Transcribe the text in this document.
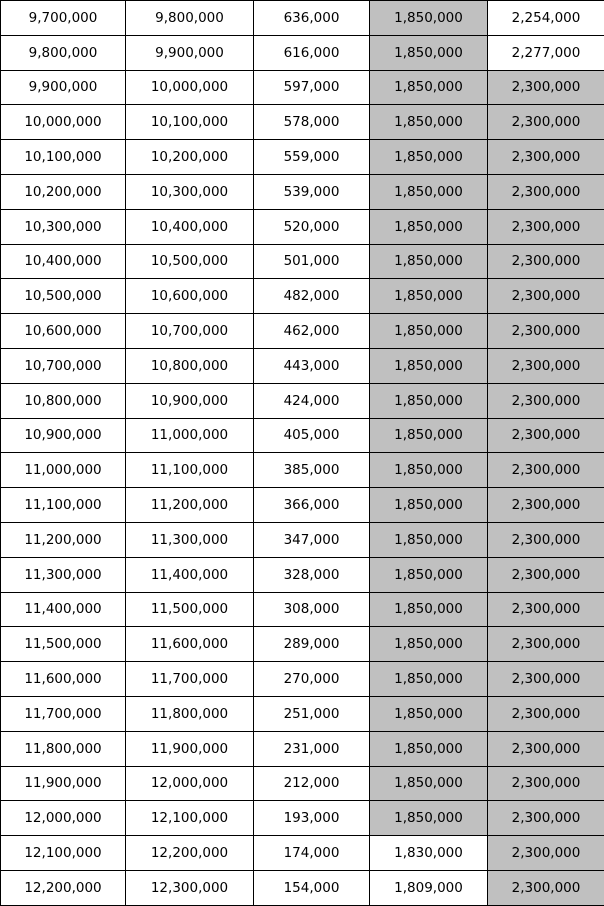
9,700,000	9,800,000	636,000	1,850,000	2,254,000
9,800,000	9,900,000	616,000	1,850,000	2,277,000
9,900,000	10,000,000	597,000	1,850,000	2,300,000
10,000,000	10,100,000	578,000	1,850,000	2,300,000
10,100,000	10,200,000	559,000	1,850,000	2,300,000
10,200,000	10,300,000	539,000	1,850,000	2,300,000
10,300,000	10,400,000	520,000	1,850,000	2,300,000
10,400,000	10,500,000	501,000	1,850,000	2,300,000
10,500,000	10,600,000	482,000	1,850,000	2,300,000
10,600,000	10,700,000	462,000	1,850,000	2,300,000
10,700,000	10,800,000	443,000	1,850,000	2,300,000
10,800,000	10,900,000	424,000	1,850,000	2,300,000
10,900,000	11,000,000	405,000	1,850,000	2,300,000
11,000,000	11,100,000	385,000	1,850,000	2,300,000
11,100,000	11,200,000	366,000	1,850,000	2,300,000
11,200,000	11,300,000	347,000	1,850,000	2,300,000
11,300,000	11,400,000	328,000	1,850,000	2,300,000
11,400,000	11,500,000	308,000	1,850,000	2,300,000
11,500,000	11,600,000	289,000	1,850,000	2,300,000
11,600,000	11,700,000	270,000	1,850,000	2,300,000
11,700,000	11,800,000	251,000	1,850,000	2,300,000
11,800,000	11,900,000	231,000	1,850,000	2,300,000
11,900,000	12,000,000	212,000	1,850,000	2,300,000
12,000,000	12,100,000	193,000	1,850,000	2,300,000
12,100,000	12,200,000	174,000	1,830,000	2,300,000
12,200,000	12,300,000	154,000	1,809,000	2,300,000
